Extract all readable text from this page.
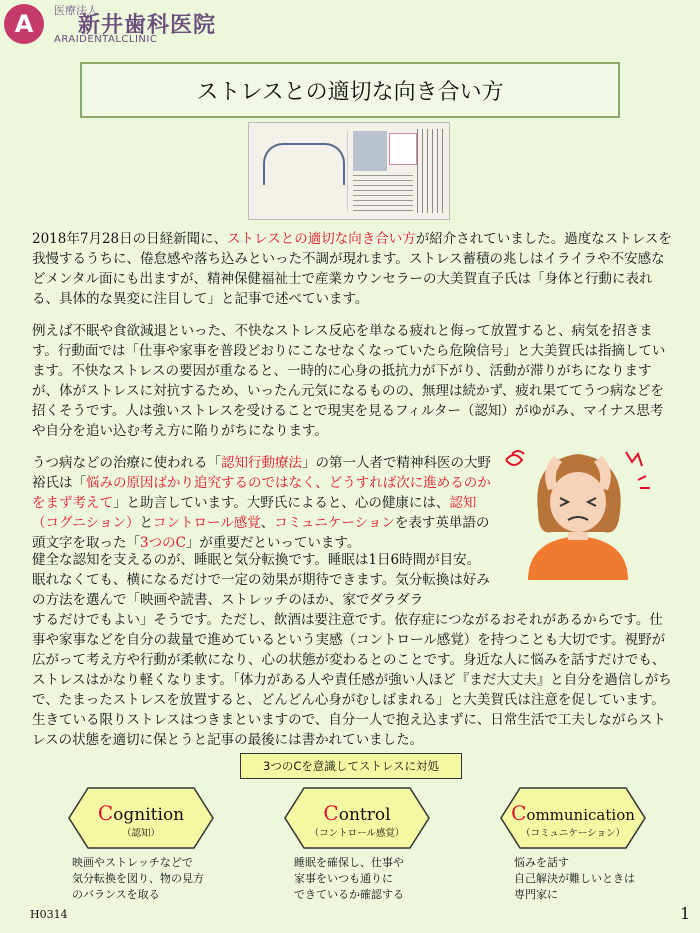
A	医療法人
新井歯科医院
ARAIDENTALCLINIC
ストレスとの適切な向き合い方

2018年7月28日の日経新聞に、ストレスとの適切な向き合い方が紹介されていました。過度なストレスを我慢するうちに、倦怠感や落ち込みといった不調が現れます。ストレス蓄積の兆しはイライラや不安感などメンタル面にも出ますが、精神保健福祉士で産業カウンセラーの大美賀直子氏は「身体と行動に表れる、具体的な異変に注目して」と記事で述べています。

例えば不眠や食欲減退といった、不快なストレス反応を単なる疲れと侮って放置すると、病気を招きます。行動面では「仕事や家事を普段どおりにこなせなくなっていたら危険信号」と大美賀氏は指摘しています。不快なストレスの要因が重なると、一時的に心身の抵抗力が下がり、活動が滞りがちになりますが、体がストレスに対抗するため、いったん元気になるものの、無理は続かず、疲れ果ててうつ病などを招くそうです。人は強いストレスを受けることで現実を見るフィルター（認知）がゆがみ、マイナス思考や自分を追い込む考え方に陥りがちになります。

うつ病などの治療に使われる「認知行動療法」の第一人者で精神科医の大野裕氏は「悩みの原因ばかり追究するのではなく、どうすれば次に進めるのかをまず考えて」と助言しています。大野氏によると、心の健康には、認知（コグニション）とコントロール感覚、コミュニケーションを表す英単語の頭文字を取った「3つのC」が重要だといっています。

健全な認知を支えるのが、睡眠と気分転換です。睡眠は1日6時間が目安。眠れなくても、横になるだけで一定の効果が期待できます。気分転換は好みの方法を選んで「映画や読書、ストレッチのほか、家でダラダラ

するだけでもよい」そうです。ただし、飲酒は要注意です。依存症につながるおそれがあるからです。仕事や家事などを自分の裁量で進めているという実感（コントロール感覚）を持つことも大切です。視野が広がって考え方や行動が柔軟になり、心の状態が変わるとのことです。身近な人に悩みを話すだけでも、ストレスはかなり軽くなります。「体力がある人や責任感が強い人ほど『まだ大丈夫』と自分を過信しがちで、たまったストレスを放置すると、どんどん心身がむしばまれる」と大美賀氏は注意を促しています。生きている限りストレスはつきまといますので、自分一人で抱え込まずに、日常生活で工夫しながらストレスの状態を適切に保とうと記事の最後には書かれていました。

3つのCを意識してストレスに対処
Cognition
（認知）
Control
（コントロール感覚）
Communication
（コミュニケーション）
映画やストレッチなどで
気分転換を図り、物の見方
のバランスを取る
睡眠を確保し、仕事や
家事をいつも通りに
できているか確認する
悩みを話す
自己解決が難しいときは
専門家に
H0314	1
